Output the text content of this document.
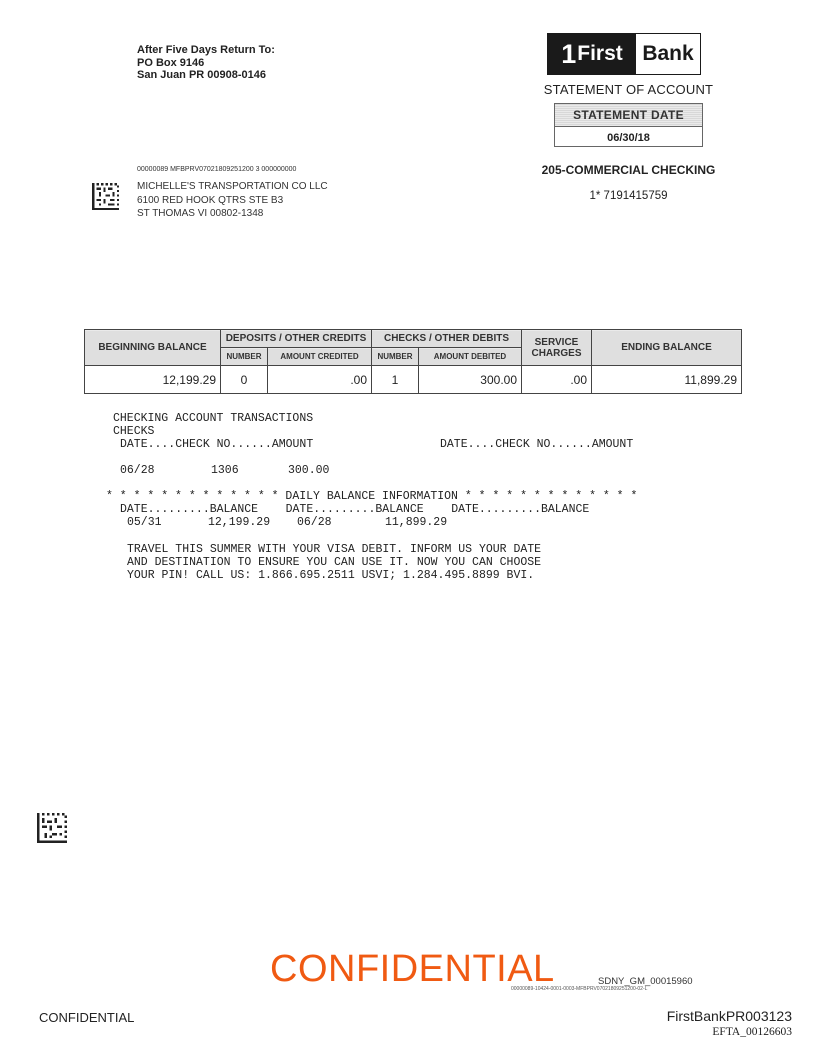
After Five Days Return To:
PO Box 9146
San Juan PR 00908-0146
1 First Bank
STATEMENT OF ACCOUNT
STATEMENT DATE
06/30/18
205-COMMERCIAL CHECKING
1* 7191415759
00000089 MFBPRV07021809251200 3 000000000
MICHELLE'S TRANSPORTATION CO LLC
6100 RED HOOK QTRS STE B3
ST THOMAS VI 00802-1348
BEGINNING BALANCE	DEPOSITS / OTHER CREDITS		CHECKS / OTHER DEBITS		SERVICE
CHARGES	ENDING BALANCE
	NUMBER	AMOUNT CREDITED	NUMBER	AMOUNT DEBITED		
12,199.29	0	.00	1	300.00	.00	11,899.29
CHECKING ACCOUNT TRANSACTIONS
CHECKS
DATE....CHECK NO......AMOUNT	DATE....CHECK NO......AMOUNT
06/28	1306	300.00
* * * * * * * * * * * * * DAILY BALANCE INFORMATION * * * * * * * * * * * * *
DATE.........BALANCE    DATE.........BALANCE    DATE.........BALANCE
05/31	12,199.29 06/28	11,899.29
TRAVEL THIS SUMMER WITH YOUR VISA DEBIT. INFORM US YOUR DATE
AND DESTINATION TO ENSURE YOU CAN USE IT. NOW YOU CAN CHOOSE
YOUR PIN! CALL US: 1.866.695.2511 USVI; 1.284.495.8899 BVI.
CONFIDENTIAL	SDNY_GM_00015960
00000089-10424-0001-0003-MFBPRV07021809251200-02-L
CONFIDENTIAL	FirstBankPR003123
EFTA_00126603
